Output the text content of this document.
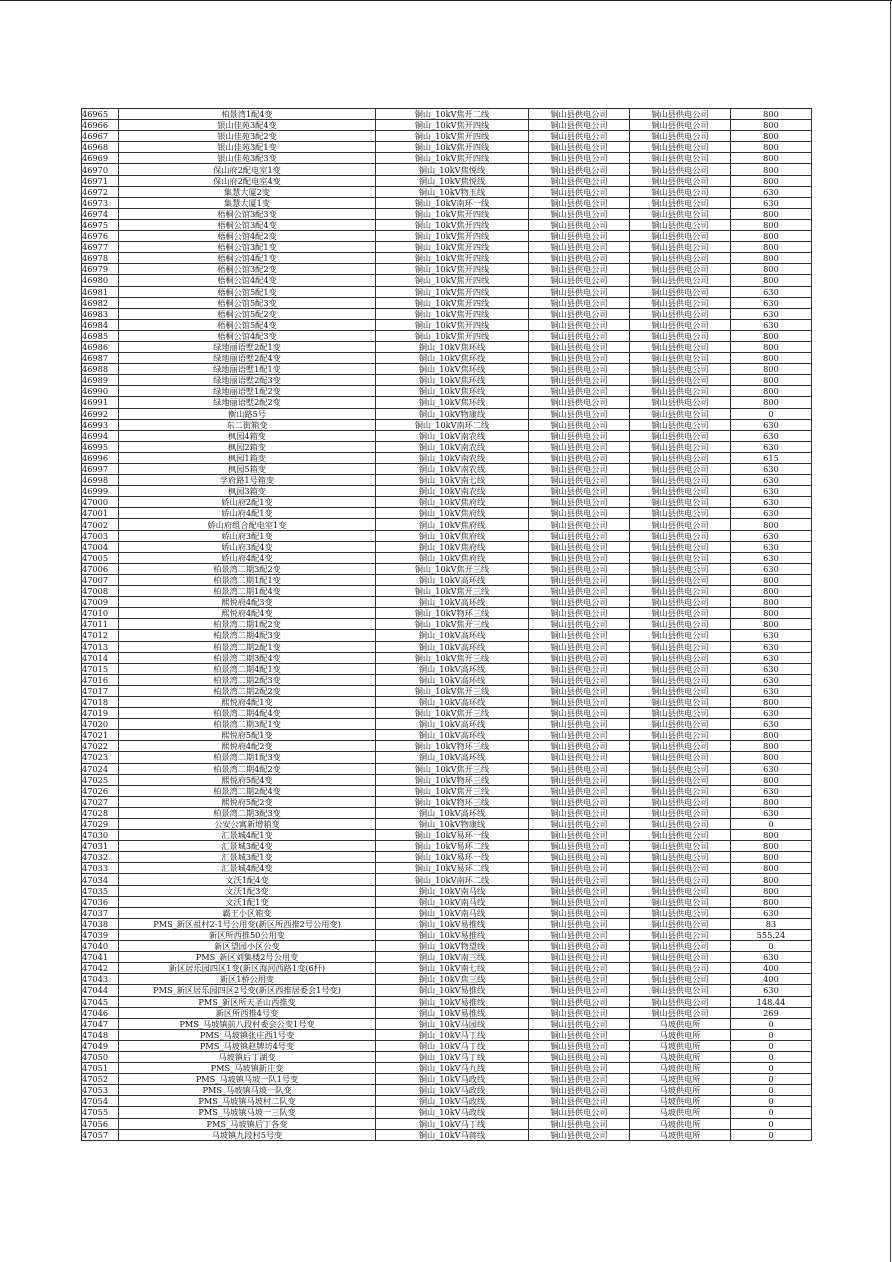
46965	柏景湾1配4变	铜山_10kV焦开二线	铜山县供电公司	铜山县供电公司	800
46966	银山佳苑3配4变	铜山_10kV焦开四线	铜山县供电公司	铜山县供电公司	800
46967	银山佳苑3配2变	铜山_10kV焦开四线	铜山县供电公司	铜山县供电公司	800
46968	银山佳苑3配1变	铜山_10kV焦开四线	铜山县供电公司	铜山县供电公司	800
46969	银山佳苑3配3变	铜山_10kV焦开四线	铜山县供电公司	铜山县供电公司	800
46970	保山府2配电室1变	铜山_10kV焦悦线	铜山县供电公司	铜山县供电公司	800
46971	保山府2配电室4变	铜山_10kV焦悦线	铜山县供电公司	铜山县供电公司	800
46972	集慧大厦2变	铜山_10kV物玉线	铜山县供电公司	铜山县供电公司	630
46973	集慧大厦1变	铜山_10kV南环一线	铜山县供电公司	铜山县供电公司	630
46974	梧桐公馆3配3变	铜山_10kV焦开四线	铜山县供电公司	铜山县供电公司	800
46975	梧桐公馆3配4变	铜山_10kV焦开四线	铜山县供电公司	铜山县供电公司	800
46976	梧桐公馆4配2变	铜山_10kV焦开四线	铜山县供电公司	铜山县供电公司	800
46977	梧桐公馆3配1变	铜山_10kV焦开四线	铜山县供电公司	铜山县供电公司	800
46978	梧桐公馆4配1变	铜山_10kV焦开四线	铜山县供电公司	铜山县供电公司	800
46979	梧桐公馆3配2变	铜山_10kV焦开四线	铜山县供电公司	铜山县供电公司	800
46980	梧桐公馆4配4变	铜山_10kV焦开四线	铜山县供电公司	铜山县供电公司	800
46981	梧桐公馆5配1变	铜山_10kV焦开四线	铜山县供电公司	铜山县供电公司	630
46982	梧桐公馆5配3变	铜山_10kV焦开四线	铜山县供电公司	铜山县供电公司	630
46983	梧桐公馆5配2变	铜山_10kV焦开四线	铜山县供电公司	铜山县供电公司	630
46984	梧桐公馆5配4变	铜山_10kV焦开四线	铜山县供电公司	铜山县供电公司	630
46985	梧桐公馆4配3变	铜山_10kV焦开四线	铜山县供电公司	铜山县供电公司	800
46986	绿地丽语墅2配1变	铜山_10kV焦环线	铜山县供电公司	铜山县供电公司	800
46987	绿地丽语墅2配4变	铜山_10kV焦环线	铜山县供电公司	铜山县供电公司	800
46988	绿地丽语墅1配1变	铜山_10kV焦环线	铜山县供电公司	铜山县供电公司	800
46989	绿地丽语墅2配3变	铜山_10kV焦环线	铜山县供电公司	铜山县供电公司	800
46990	绿地丽语墅1配2变	铜山_10kV焦环线	铜山县供电公司	铜山县供电公司	800
46991	绿地丽语墅2配2变	铜山_10kV焦环线	铜山县供电公司	铜山县供电公司	800
46992	衡山路5号	铜山_10kV物康线	铜山县供电公司	铜山县供电公司	0
46993	东二街箱变	铜山_10kV南环二线	铜山县供电公司	铜山县供电公司	630
46994	枫园4箱变	铜山_10kV南农线	铜山县供电公司	铜山县供电公司	630
46995	枫园2箱变	铜山_10kV南农线	铜山县供电公司	铜山县供电公司	630
46996	枫园1箱变	铜山_10kV南农线	铜山县供电公司	铜山县供电公司	615
46997	枫园5箱变	铜山_10kV南农线	铜山县供电公司	铜山县供电公司	630
46998	学府路1号箱变	铜山_10kV南七线	铜山县供电公司	铜山县供电公司	630
46999	枫园3箱变	铜山_10kV南农线	铜山县供电公司	铜山县供电公司	630
47000	娇山府2配1变	铜山_10kV焦府线	铜山县供电公司	铜山县供电公司	630
47001	娇山府4配1变	铜山_10kV焦府线	铜山县供电公司	铜山县供电公司	630
47002	娇山府组合配电室1变	铜山_10kV焦府线	铜山县供电公司	铜山县供电公司	800
47003	娇山府3配1变	铜山_10kV焦府线	铜山县供电公司	铜山县供电公司	630
47004	娇山府3配4变	铜山_10kV焦府线	铜山县供电公司	铜山县供电公司	630
47005	娇山府4配4变	铜山_10kV焦府线	铜山县供电公司	铜山县供电公司	630
47006	柏景湾二期3配2变	铜山_10kV焦开三线	铜山县供电公司	铜山县供电公司	630
47007	柏景湾二期1配1变	铜山_10kV高环线	铜山县供电公司	铜山县供电公司	800
47008	柏景湾二期1配4变	铜山_10kV焦开三线	铜山县供电公司	铜山县供电公司	800
47009	熙悦府4配3变	铜山_10kV高环线	铜山县供电公司	铜山县供电公司	800
47010	熙悦府4配4变	铜山_10kV物环三线	铜山县供电公司	铜山县供电公司	800
47011	柏景湾二期1配2变	铜山_10kV焦开三线	铜山县供电公司	铜山县供电公司	800
47012	柏景湾二期4配3变	铜山_10kV高环线	铜山县供电公司	铜山县供电公司	630
47013	柏景湾二期2配1变	铜山_10kV高环线	铜山县供电公司	铜山县供电公司	630
47014	柏景湾二期3配4变	铜山_10kV焦开三线	铜山县供电公司	铜山县供电公司	630
47015	柏景湾二期4配1变	铜山_10kV高环线	铜山县供电公司	铜山县供电公司	630
47016	柏景湾二期2配3变	铜山_10kV高环线	铜山县供电公司	铜山县供电公司	630
47017	柏景湾二期2配2变	铜山_10kV焦开三线	铜山县供电公司	铜山县供电公司	630
47018	熙悦府4配1变	铜山_10kV高环线	铜山县供电公司	铜山县供电公司	800
47019	柏景湾二期4配4变	铜山_10kV焦开三线	铜山县供电公司	铜山县供电公司	630
47020	柏景湾二期3配1变	铜山_10kV高环线	铜山县供电公司	铜山县供电公司	630
47021	熙悦府5配1变	铜山_10kV高环线	铜山县供电公司	铜山县供电公司	800
47022	熙悦府4配2变	铜山_10kV物环三线	铜山县供电公司	铜山县供电公司	800
47023	柏景湾二期1配3变	铜山_10kV高环线	铜山县供电公司	铜山县供电公司	800
47024	柏景湾二期4配2变	铜山_10kV焦开三线	铜山县供电公司	铜山县供电公司	630
47025	熙悦府5配4变	铜山_10kV物环三线	铜山县供电公司	铜山县供电公司	800
47026	柏景湾二期2配4变	铜山_10kV焦开三线	铜山县供电公司	铜山县供电公司	630
47027	熙悦府5配2变	铜山_10kV物环三线	铜山县供电公司	铜山县供电公司	800
47028	柏景湾二期3配3变	铜山_10kV高环线	铜山县供电公司	铜山县供电公司	630
47029	公安公寓新增箱变	铜山_10kV物康线	铜山县供电公司	铜山县供电公司	0
47030	汇景城4配1变	铜山_10kV易环一线	铜山县供电公司	铜山县供电公司	800
47031	汇景城3配4变	铜山_10kV易环二线	铜山县供电公司	铜山县供电公司	800
47032	汇景城3配1变	铜山_10kV易环一线	铜山县供电公司	铜山县供电公司	800
47033	汇景城4配4变	铜山_10kV易环二线	铜山县供电公司	铜山县供电公司	800
47034	文沃1配4变	铜山_10kV南环二线	铜山县供电公司	铜山县供电公司	800
47035	文沃1配3变	铜山_10kV南马线	铜山县供电公司	铜山县供电公司	800
47036	文沃1配1变	铜山_10kV南马线	铜山县供电公司	铜山县供电公司	800
47037	霸王小区箱变	铜山_10kV南马线	铜山县供电公司	铜山县供电公司	630
47038	PMS_新区祖村2-1号公用变(新区所西推2号公用变)	铜山_10kV易推线	铜山县供电公司	铜山县供电公司	83
47039	新区所西推50公用变	铜山_10kV易推线	铜山县供电公司	铜山县供电公司	555.24
47040	新区望园小区公变	铜山_10kV物望线	铜山县供电公司	铜山县供电公司	0
47041	PMS_新区刘集楼2号公用变	铜山_10kV南三线	铜山县供电公司	铜山县供电公司	630
47042	新区居乐园四区1变(新区海河西路1变(6杆)	铜山_10kV南七线	铜山县供电公司	铜山县供电公司	400
47043	新区1桥公用变	铜山_10kV焦三线	铜山县供电公司	铜山县供电公司	400
47044	PMS_新区居乐园四区2号变(新区西推居委会1号变)	铜山_10kV易推线	铜山县供电公司	铜山县供电公司	630
47045	PMS_新区所天圣山西推变	铜山_10kV易推线	铜山县供电公司	铜山县供电公司	148.44
47046	新区所西推4号变	铜山_10kV易推线	铜山县供电公司	铜山县供电公司	269
47047	PMS_马坡镇前八段村委会公变1号变	铜山_10kV马园线	铜山县供电公司	马坡供电所	0
47048	PMS_马坡镇张庄西1号变	铜山_10kV马丁线	铜山县供电公司	马坡供电所	0
47049	PMS_马坡镇赵牌坊4号变	铜山_10kV马丁线	铜山县供电公司	马坡供电所	0
47050	马坡镇后丁湖变	铜山_10kV马丁线	铜山县供电公司	马坡供电所	0
47051	PMS_马坡镇新庄变	铜山_10kV马九线	铜山县供电公司	马坡供电所	0
47052	PMS_马坡镇马坡一队1号变	铜山_10kV马政线	铜山县供电公司	马坡供电所	0
47053	PMS_马坡镇马坡一队变	铜山_10kV马政线	铜山县供电公司	马坡供电所	0
47054	PMS_马坡镇马坡村二队变	铜山_10kV马政线	铜山县供电公司	马坡供电所	0
47055	PMS_马坡镇马坡一三队变	铜山_10kV马政线	铜山县供电公司	马坡供电所	0
47056	PMS_马坡镇后丁各变	铜山_10kV马丁线	铜山县供电公司	马坡供电所	0
47057	马坡镇九段村5号变	铜山_10kV马蒋线	铜山县供电公司	马坡供电所	0
